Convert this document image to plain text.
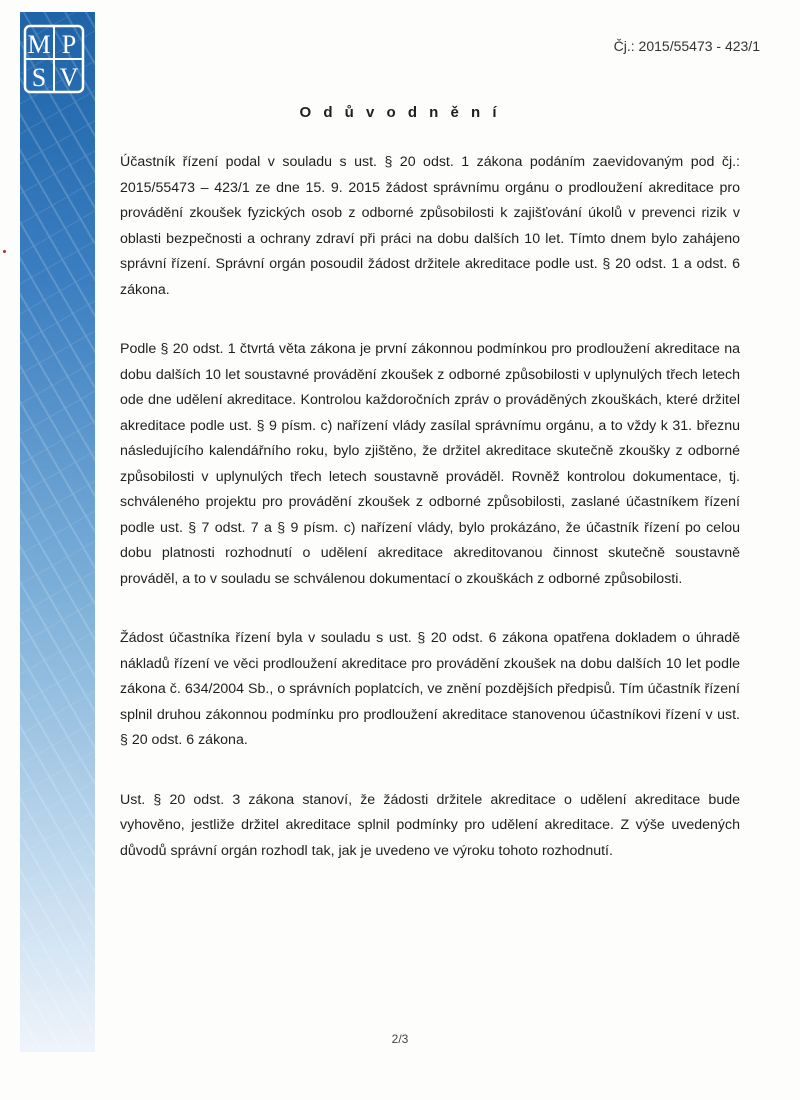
M P
S V
Čj.: 2015/55473 - 423/1
O d ů v o d n ě n í

Účastník řízení podal v souladu s ust. § 20 odst. 1 zákona podáním zaevidovaným pod čj.: 2015/55473 – 423/1 ze dne 15. 9. 2015 žádost správnímu orgánu o prodloužení akreditace pro provádění zkoušek fyzických osob z odborné způsobilosti k zajišťování úkolů v prevenci rizik v oblasti bezpečnosti a ochrany zdraví při práci na dobu dalších 10 let. Tímto dnem bylo zahájeno správní řízení. Správní orgán posoudil žádost držitele akreditace podle ust. § 20 odst. 1 a odst. 6 zákona.

Podle § 20 odst. 1 čtvrtá věta zákona je první zákonnou podmínkou pro prodloužení akreditace na dobu dalších 10 let soustavné provádění zkoušek z odborné způsobilosti v uplynulých třech letech ode dne udělení akreditace. Kontrolou každoročních zpráv o prováděných zkouškách, které držitel akreditace podle ust. § 9 písm. c) nařízení vlády zasílal správnímu orgánu, a to vždy k 31. březnu následujícího kalendářního roku, bylo zjištěno, že držitel akreditace skutečně zkoušky z odborné způsobilosti v uplynulých třech letech soustavně prováděl. Rovněž kontrolou dokumentace, tj. schváleného projektu pro provádění zkoušek z odborné způsobilosti, zaslané účastníkem řízení podle ust. § 7 odst. 7 a § 9 písm. c) nařízení vlády, bylo prokázáno, že účastník řízení po celou dobu platnosti rozhodnutí o udělení akreditace akreditovanou činnost skutečně soustavně prováděl, a to v souladu se schválenou dokumentací o zkouškách z odborné způsobilosti.

Žádost účastníka řízení byla v souladu s ust. § 20 odst. 6 zákona opatřena dokladem o úhradě nákladů řízení ve věci prodloužení akreditace pro provádění zkoušek na dobu dalších 10 let podle zákona č. 634/2004 Sb., o správních poplatcích, ve znění pozdějších předpisů. Tím účastník řízení splnil druhou zákonnou podmínku pro prodloužení akreditace stanovenou účastníkovi řízení v ust. § 20 odst. 6 zákona.

Ust. § 20 odst. 3 zákona stanoví, že žádosti držitele akreditace o udělení akreditace bude vyhověno, jestliže držitel akreditace splnil podmínky pro udělení akreditace. Z výše uvedených důvodů správní orgán rozhodl tak, jak je uvedeno ve výroku tohoto rozhodnutí.

2/3
